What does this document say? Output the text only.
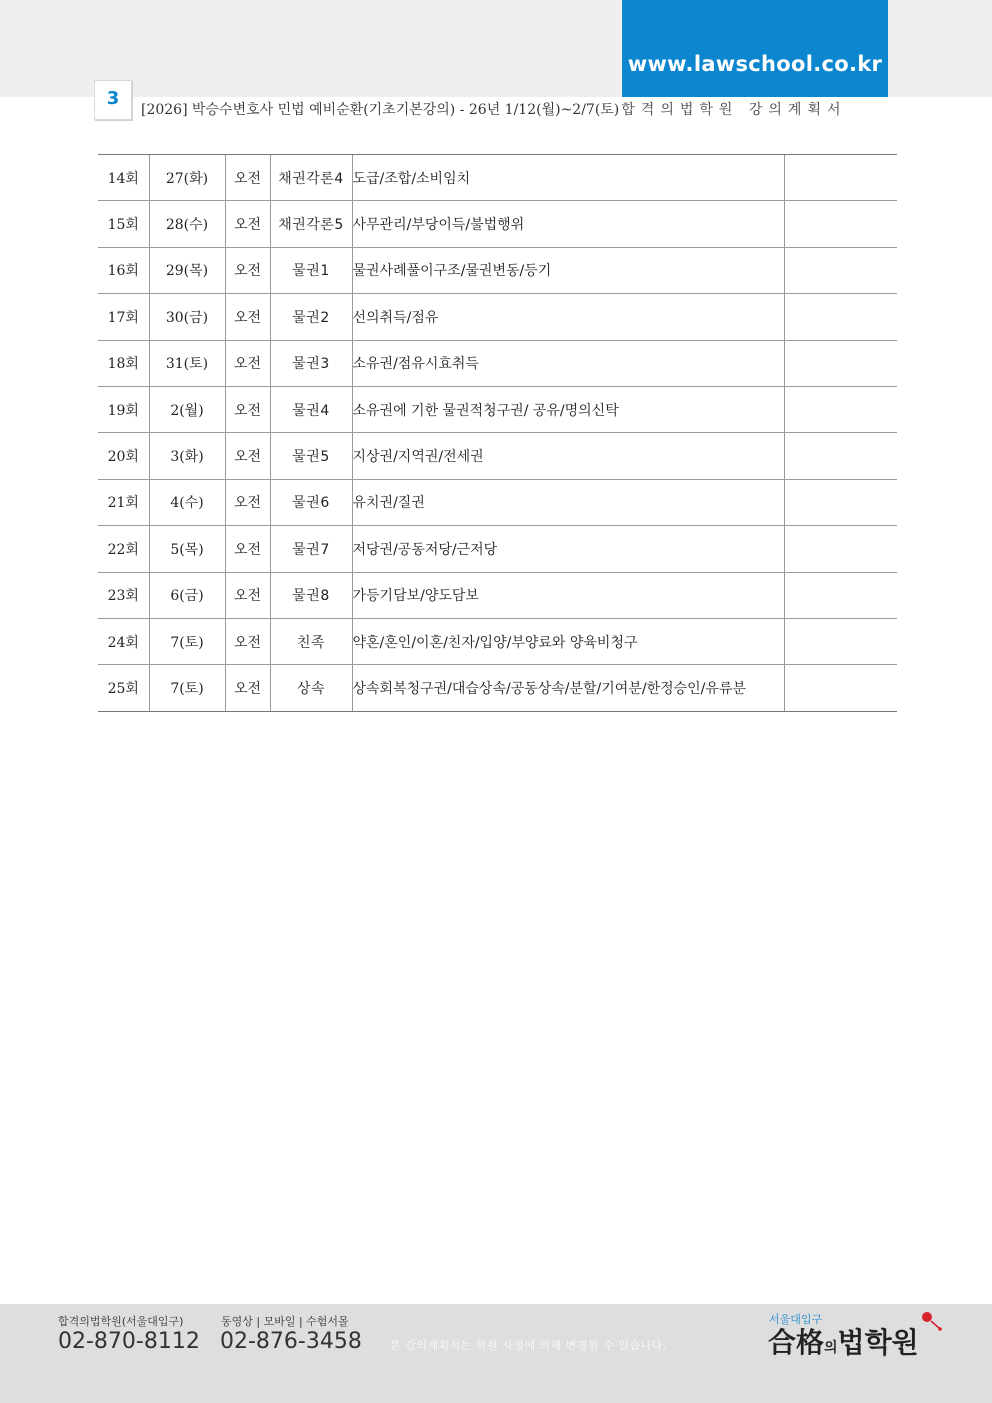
www.lawschool.co.kr
3
[2026] 박승수변호사 민법 예비순환(기초기본강의) - 26년 1/12(월)~2/7(토) 합격의법학원 강의계획서
14회	27(화)	오전	채권각론4	도급/조합/소비임치	
15회	28(수)	오전	채권각론5	사무관리/부당이득/불법행위	
16회	29(목)	오전	물권1	물권사례풀이구조/물권변동/등기	
17회	30(금)	오전	물권2	선의취득/점유	
18회	31(토)	오전	물권3	소유권/점유시효취득	
19회	2(월)	오전	물권4	소유권에 기한 물권적청구권/ 공유/명의신탁	
20회	3(화)	오전	물권5	지상권/지역권/전세권	
21회	4(수)	오전	물권6	유치권/질권	
22회	5(목)	오전	물권7	저당권/공동저당/근저당	
23회	6(금)	오전	물권8	가등기담보/양도담보	
24회	7(토)	오전	친족	약혼/혼인/이혼/친자/입양/부양료와 양육비청구	
25회	7(토)	오전	상속	상속회복청구권/대습상속/공동상속/분할/기여분/한정승인/유류분	
합격의법학원(서울대입구)
02-870-8112
동영상 | 모바일 | 수험서몰
02-876-3458	본 강의계획서는 학원 사정에 의해 변경될 수 있습니다.
서울대입구
合格의법학원
